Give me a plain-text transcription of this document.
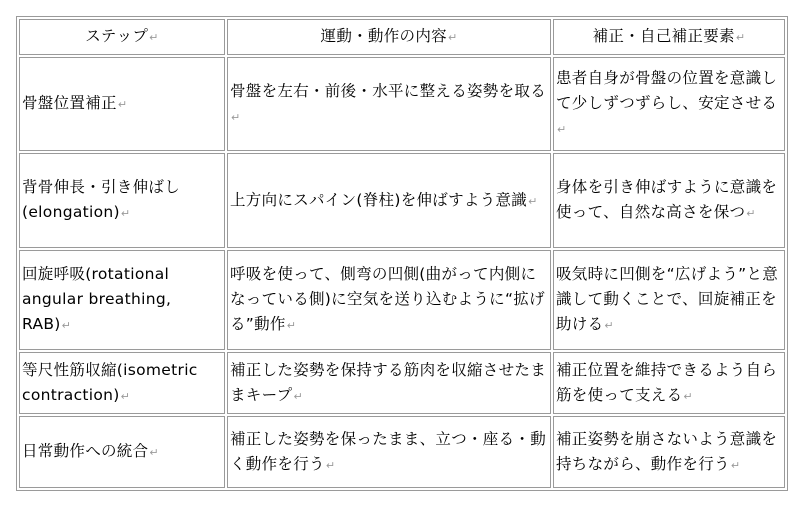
ステップ↵	運動・動作の内容↵	補正・自己補正要素↵
骨盤位置補正↵	骨盤を左右・前後・水平に整える姿勢を取る↵	患者自身が骨盤の位置を意識して少しずつずらし、安定させる↵
背骨伸長・引き伸ばし(elongation)↵	上方向にスパイン(脊柱)を伸ばすよう意識↵	身体を引き伸ばすように意識を使って、自然な高さを保つ↵
回旋呼吸(rotational angular breathing, RAB)↵	呼吸を使って、側弯の凹側(曲がって内側になっている側)に空気を送り込むように“拡げる”動作↵	吸気時に凹側を“広げよう”と意識して動くことで、回旋補正を助ける↵
等尺性筋収縮(isometric contraction)↵	補正した姿勢を保持する筋肉を収縮させたままキープ↵	補正位置を維持できるよう自ら筋を使って支える↵
日常動作への統合↵	補正した姿勢を保ったまま、立つ・座る・動く動作を行う↵	補正姿勢を崩さないよう意識を持ちながら、動作を行う↵
